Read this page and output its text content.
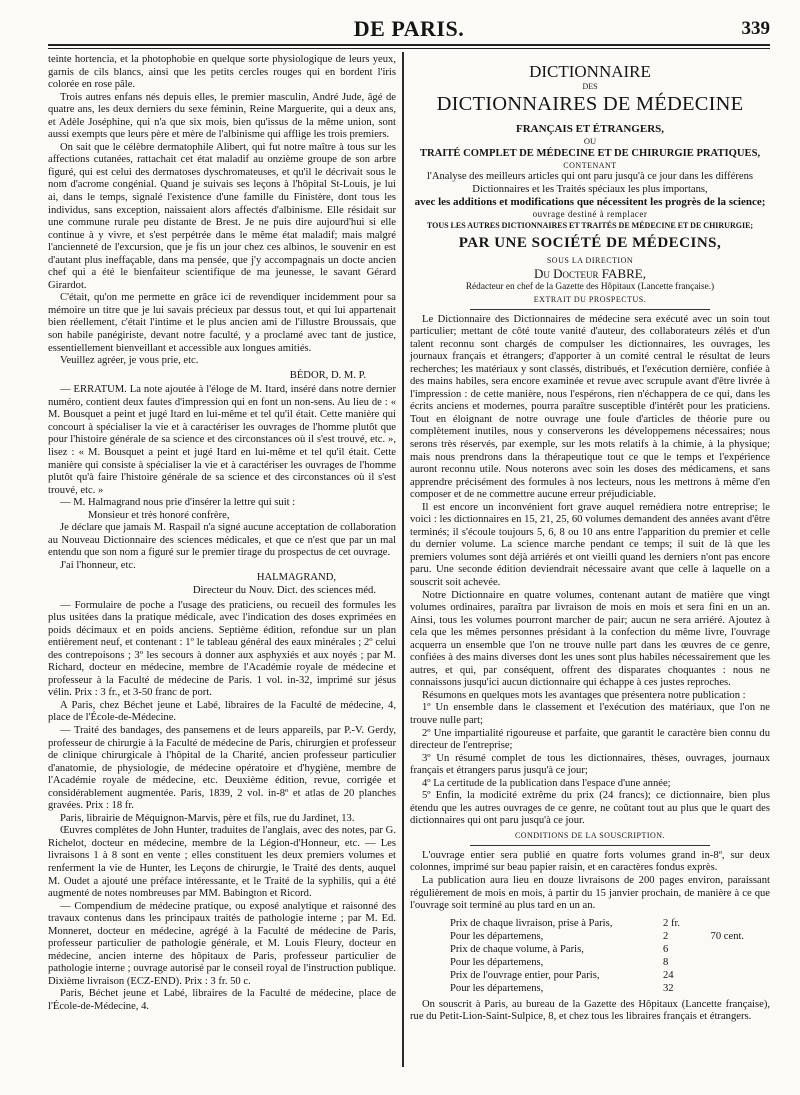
DE PARIS.	339

teinte hortencia, et la photophobie en quelque sorte physiologique de leurs yeux, garnis de cils blancs, ainsi que les petits cercles rouges qui en bordent l'iris colorée en rose pâle.

Trois autres enfans nés depuis elles, le premier masculin, André Jude, âgé de quatre ans, les deux derniers du sexe féminin, Reine Marguerite, qui a deux ans, et Adèle Joséphine, qui n'a que six mois, bien qu'issus de la même union, sont aussi exempts que leurs père et mère de l'albinisme qui afflige les trois premiers.

On sait que le célèbre dermatophile Alibert, qui fut notre maître à tous sur les affections cutanées, rattachait cet état maladif au onzième groupe de son arbre figuré, qui est celui des dermatoses dyschromateuses, et qu'il le décrivait sous le nom d'acrome congénial. Quand je suivais ses leçons à l'hôpital St-Louis, je lui ai, dans le temps, signalé l'existence d'une famille du Finistère, dont tous les individus, sans exception, naissaient alors affectés d'albinisme. Elle résidait sur une commune rurale peu distante de Brest. Je ne puis dire aujourd'hui si elle continue à y vivre, et s'est perpétrée dans le même état maladif; mais malgré l'ancienneté de l'excursion, que je fis un jour chez ces albinos, le souvenir en est d'autant plus ineffaçable, dans ma pensée, que j'y accompagnais un docte ancien chef qui a été le bienfaiteur scientifique de ma jeunesse, le savant Gérard Girardot.

C'était, qu'on me permette en grâce ici de revendiquer incidemment pour sa mémoire un titre que je lui savais précieux par dessus tout, et qui lui appartenait bien réellement, c'était l'intime et le plus ancien ami de l'illustre Broussais, que son habile panégiriste, devant notre faculté, y a proclamé avec tant de justice, essentiellement bienveillant et accessible aux longues amitiés.

Veuillez agréer, je vous prie, etc.

BÉDOR, D. M. P.

— ERRATUM. La note ajoutée à l'éloge de M. Itard, inséré dans notre dernier numéro, contient deux fautes d'impression qui en font un non-sens. Au lieu de : « M. Bousquet a peint et jugé Itard en lui-même et tel qu'il était. Cette manière qui concourt à spécialiser la vie et à caractériser les ouvrages de l'homme plutôt que pour l'histoire générale de sa science et des circonstances où il s'est trouvé, etc. », lisez : « M. Bousquet a peint et jugé Itard en lui-même et tel qu'il était. Cette manière qui consiste à spécialiser la vie et à caractériser les ouvrages de l'homme plutôt qu'à faire l'histoire générale de sa science et des circonstances où il s'est trouvé, etc. »

— M. Halmagrand nous prie d'insérer la lettre qui suit :

Monsieur et très honoré confrère,

Je déclare que jamais M. Raspail n'a signé aucune acceptation de collaboration au Nouveau Dictionnaire des sciences médicales, et que ce n'est que par un mal entendu que son nom a figuré sur le premier tirage du prospectus de cet ouvrage.

J'ai l'honneur, etc.

HALMAGRAND,
Directeur du Nouv. Dict. des sciences méd.

— Formulaire de poche a l'usage des praticiens, ou recueil des formules les plus usitées dans la pratique médicale, avec l'indication des doses exprimées en poids décimaux et en poids anciens. Septième édition, refondue sur un plan entièrement neuf, et contenant : 1º le tableau général des eaux minérales ; 2º celui des contrepoisons ; 3º les secours à donner aux asphyxiés et aux noyés ; par M. Richard, docteur en médecine, membre de l'Académie royale de médecine et professeur à la Faculté de médecine de Paris. 1 vol. in-32, imprimé sur jésus vélin. Prix : 3 fr., et 3-50 franc de port.

A Paris, chez Béchet jeune et Labé, libraires de la Faculté de médecine, 4, place de l'École-de-Médecine.

— Traité des bandages, des pansemens et de leurs appareils, par P.-V. Gerdy, professeur de chirurgie à la Faculté de médecine de Paris, chirurgien et professeur de clinique chirurgicale à l'hôpital de la Charité, ancien professeur particulier d'anatomie, de physiologie, de médecine opératoire et d'hygiène, membre de l'Académie royale de médecine, etc. Deuxième édition, revue, corrigée et considérablement augmentée. Paris, 1839, 2 vol. in-8º et atlas de 20 planches gravées. Prix : 18 fr.

Paris, librairie de Méquignon-Marvis, père et fils, rue du Jardinet, 13.

Œuvres complètes de John Hunter, traduites de l'anglais, avec des notes, par G. Richelot, docteur en médecine, membre de la Légion-d'Honneur, etc. — Les livraisons 1 à 8 sont en vente ; elles constituent les deux premiers volumes et renferment la vie de Hunter, les Leçons de chirurgie, le Traité des dents, auquel M. Oudet a ajouté une préface intéressante, et le Traité de la syphilis, qui a été augmenté de notes nombreuses par MM. Babington et Ricord.

— Compendium de médecine pratique, ou exposé analytique et raisonné des travaux contenus dans les principaux traités de pathologie interne ; par M. Ed. Monneret, docteur en médecine, agrégé à la Faculté de médecine de Paris, professeur particulier de pathologie générale, et M. Louis Fleury, docteur en médecine, ancien interne des hôpitaux de Paris, professeur particulier de pathologie interne ; ouvrage autorisé par le conseil royal de l'instruction publique. Dixième livraison (ECZ-END). Prix : 3 fr. 50 c.

Paris, Béchet jeune et Labé, libraires de la Faculté de médecine, place de l'École-de-Médecine, 4.

DICTIONNAIRE
DES
DICTIONNAIRES DE MÉDECINE
FRANÇAIS ET ÉTRANGERS,
OU
TRAITÉ COMPLET DE MÉDECINE ET DE CHIRURGIE PRATIQUES,
CONTENANT
l'Analyse des meilleurs articles qui ont paru jusqu'à ce jour dans les différens Dictionnaires et les Traités spéciaux les plus importans,
avec les additions et modifications que nécessitent les progrès de la science;
ouvrage destiné à remplacer
TOUS LES AUTRES DICTIONNAIRES ET TRAITÉS DE MÉDECINE ET DE CHIRURGIE;
PAR UNE SOCIÉTÉ DE MÉDECINS,
SOUS LA DIRECTION
Du Docteur FABRE,
Rédacteur en chef de la Gazette des Hôpitaux (Lancette française.)
EXTRAIT DU PROSPECTUS.

Le Dictionnaire des Dictionnaires de médecine sera exécuté avec un soin tout particulier; mettant de côté toute vanité d'auteur, des collaborateurs zélés et d'un talent reconnu sont chargés de compulser les dictionnaires, les ouvrages, les journaux français et étrangers; d'apporter à un comité central le résultat de leurs recherches; les matériaux y sont classés, distribués, et l'exécution dernière, confiée à des mains habiles, sera encore examinée et revue avec scrupule avant d'être livrée à l'impression : de cette manière, nous l'espérons, rien n'échappera de ce qui, dans les écrits anciens et modernes, pourra paraître susceptible d'intérêt pour les praticiens. Tout en éloignant de notre ouvrage une foule d'articles de théorie pure ou complètement inutiles, nous y conserverons les développemens nécessaires; nous serons très réservés, par exemple, sur les mots relatifs à la chimie, à la physique; mais nous prendrons dans la thérapeutique tout ce que le temps et l'expérience auront reconnu utile. Nous noterons avec soin les doses des médicamens, et sans apprendre précisément des formules à nos lecteurs, nous les mettrons à même d'en composer et de ne commettre aucune erreur préjudiciable.

Il est encore un inconvénient fort grave auquel remédiera notre entreprise; le voici : les dictionnaires en 15, 21, 25, 60 volumes demandent des années avant d'être terminés; il s'écoule toujours 5, 6, 8 ou 10 ans entre l'apparition du premier et celle du dernier volume. La science marche pendant ce temps; il suit de là que les premiers volumes sont déjà arriérés et ont vieilli quand les derniers n'ont pas encore paru. Une seconde édition deviendrait nécessaire avant que celle à laquelle on a souscrit soit achevée.

Notre Dictionnaire en quatre volumes, contenant autant de matière que vingt volumes ordinaires, paraîtra par livraison de mois en mois et sera fini en un an. Ainsi, tous les volumes pourront marcher de pair; aucun ne sera arriéré. Ajoutez à cela que les mêmes personnes présidant à la confection du même livre, l'ouvrage acquerra un ensemble que l'on ne trouve nulle part dans les œuvres de ce genre, confiées à des mains diverses dont les unes sont plus habiles nécessairement que les autres, et qui, par conséquent, offrent des disparates choquantes : nous ne connaissons jusqu'ici aucun dictionnaire qui échappe à ces justes reproches.

Résumons en quelques mots les avantages que présentera notre publication :

1º Un ensemble dans le classement et l'exécution des matériaux, que l'on ne trouve nulle part;

2º Une impartialité rigoureuse et parfaite, que garantit le caractère bien connu du directeur de l'entreprise;

3º Un résumé complet de tous les dictionnaires, thèses, ouvrages, journaux français et étrangers parus jusqu'à ce jour;

4º La certitude de la publication dans l'espace d'une année;

5º Enfin, la modicité extrême du prix (24 francs); ce dictionnaire, bien plus étendu que les autres ouvrages de ce genre, ne coûtant tout au plus que le quart des dictionnaires qui ont paru jusqu'à ce jour.

CONDITIONS DE LA SOUSCRIPTION.

L'ouvrage entier sera publié en quatre forts volumes grand in-8º, sur deux colonnes, imprimé sur beau papier raisin, et en caractères fondus exprès.

La publication aura lieu en douze livraisons de 200 pages environ, paraissant régulièrement de mois en mois, à partir du 15 janvier prochain, de manière à ce que l'ouvrage soit terminé au plus tard en un an.

Prix de chaque livraison, prise à Paris,	2 fr.
Pour les départemens,	2	70 cent.
Prix de chaque volume, à Paris,	6
Pour les départemens,	8
Prix de l'ouvrage entier, pour Paris,	24
Pour les départemens,	32

On souscrit à Paris, au bureau de la Gazette des Hôpitaux (Lancette française), rue du Petit-Lion-Saint-Sulpice, 8, et chez tous les libraires français et étrangers.
